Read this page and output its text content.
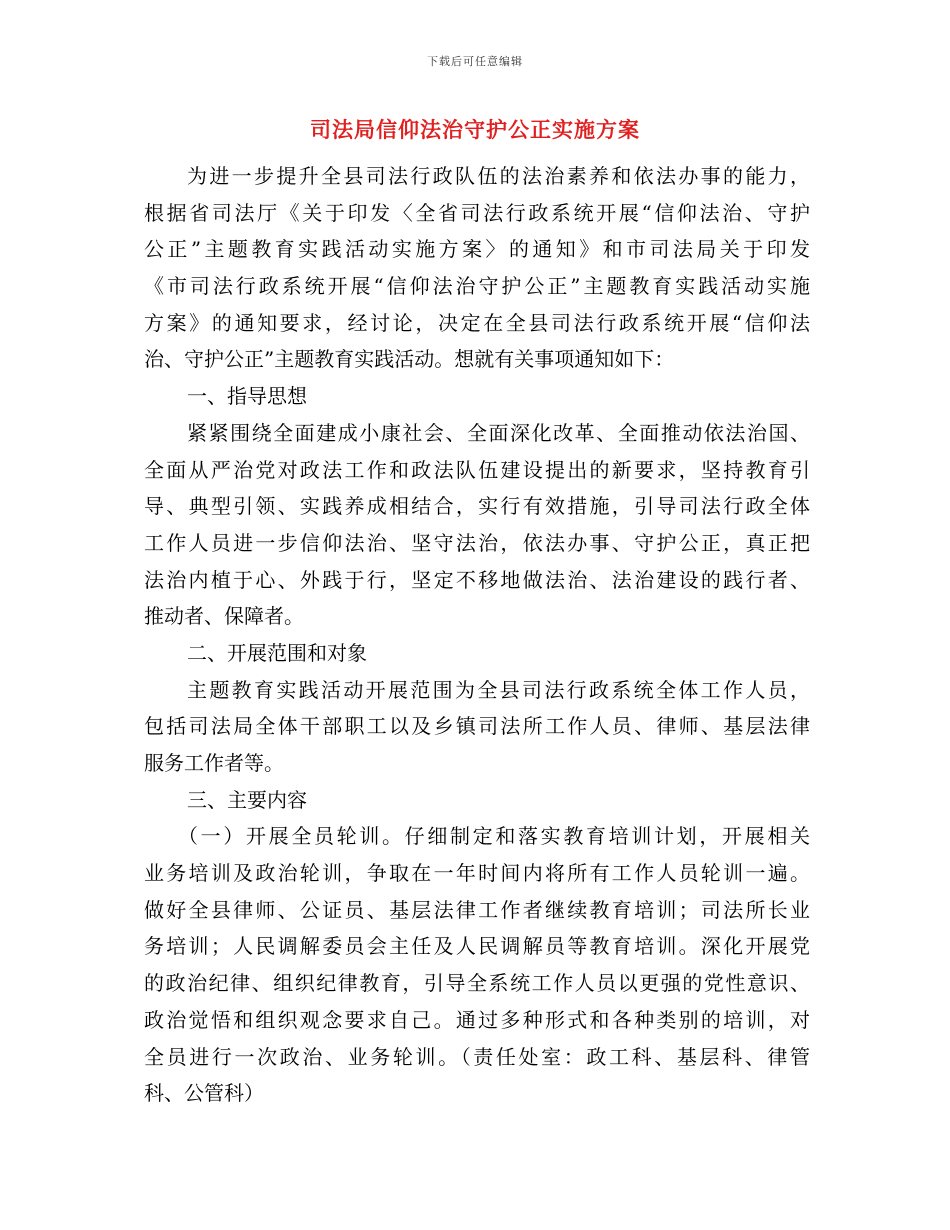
下载后可任意编辑
司法局信仰法治守护公正实施方案
为进一步提升全县司法行政队伍的法治素养和依法办事的能力，
根据省司法厅《关于印发〈全省司法行政系统开展“信仰法治、守护
公正”主题教育实践活动实施方案〉的通知》和市司法局关于印发
《市司法行政系统开展“信仰法治守护公正”主题教育实践活动实施
方案》的通知要求，经讨论，决定在全县司法行政系统开展“信仰法
治、守护公正”主题教育实践活动。想就有关事项通知如下：
一、指导思想
紧紧围绕全面建成小康社会、全面深化改革、全面推动依法治国、
全面从严治党对政法工作和政法队伍建设提出的新要求，坚持教育引
导、典型引领、实践养成相结合，实行有效措施，引导司法行政全体
工作人员进一步信仰法治、坚守法治，依法办事、守护公正，真正把
法治内植于心、外践于行，坚定不移地做法治、法治建设的践行者、
推动者、保障者。
二、开展范围和对象
主题教育实践活动开展范围为全县司法行政系统全体工作人员，
包括司法局全体干部职工以及乡镇司法所工作人员、律师、基层法律
服务工作者等。
三、主要内容
（一）开展全员轮训。仔细制定和落实教育培训计划，开展相关
业务培训及政治轮训，争取在一年时间内将所有工作人员轮训一遍。
做好全县律师、公证员、基层法律工作者继续教育培训；司法所长业
务培训；人民调解委员会主任及人民调解员等教育培训。深化开展党
的政治纪律、组织纪律教育，引导全系统工作人员以更强的党性意识、
政治觉悟和组织观念要求自己。通过多种形式和各种类别的培训，对
全员进行一次政治、业务轮训。（责任处室：政工科、基层科、律管
科、公管科）
